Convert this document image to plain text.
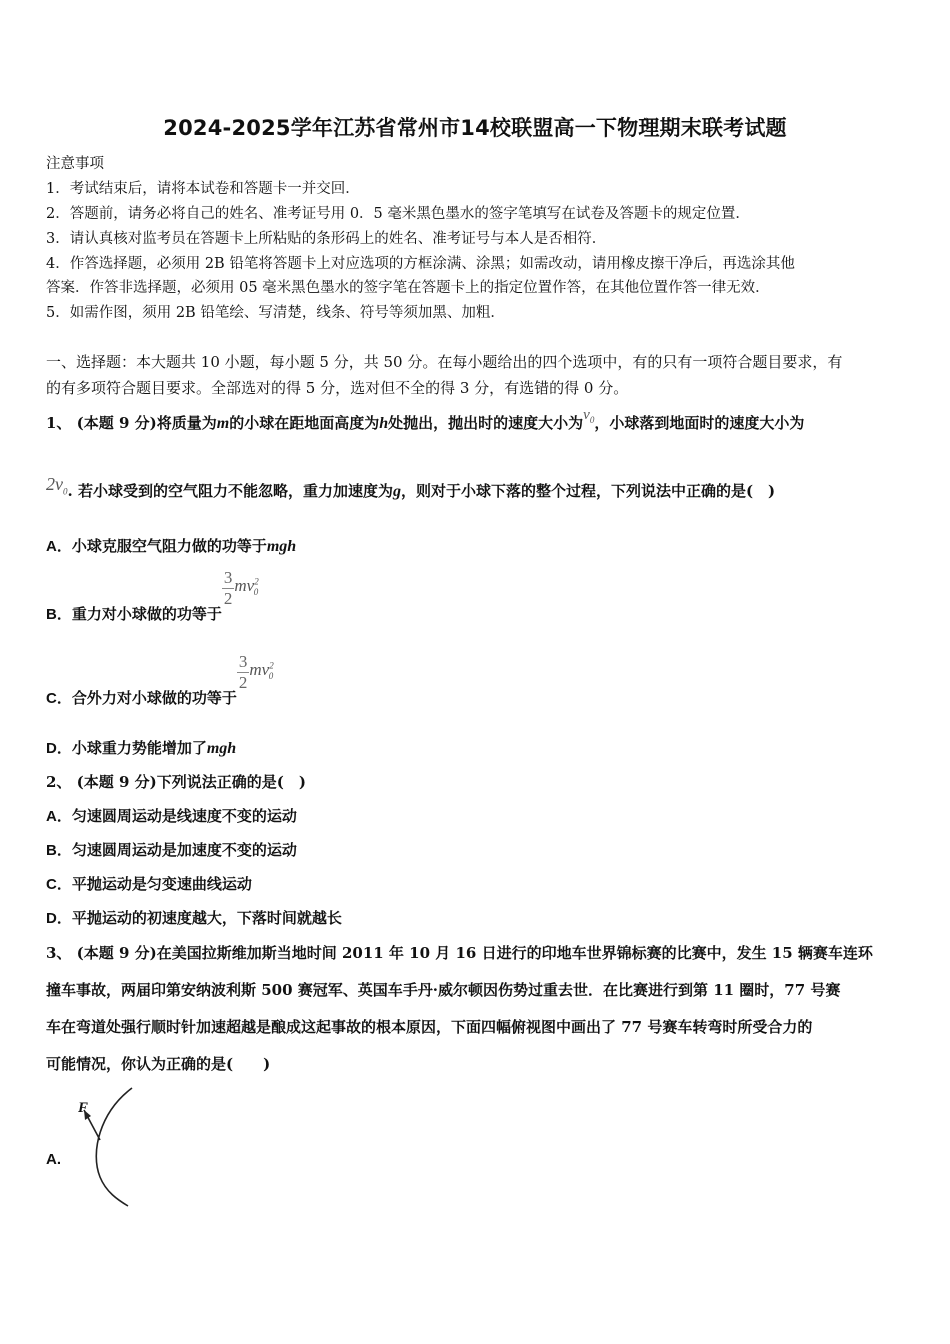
2024-2025学年江苏省常州市14校联盟高一下物理期末联考试题
注意事项
1．考试结束后，请将本试卷和答题卡一并交回．
2．答题前，请务必将自己的姓名、准考证号用 0．5 毫米黑色墨水的签字笔填写在试卷及答题卡的规定位置．
3．请认真核对监考员在答题卡上所粘贴的条形码上的姓名、准考证号与本人是否相符．
4．作答选择题，必须用 2B 铅笔将答题卡上对应选项的方框涂满、涂黑；如需改动，请用橡皮擦干净后，再选涂其他
答案．作答非选择题，必须用 05 毫米黑色墨水的签字笔在答题卡上的指定位置作答，在其他位置作答一律无效．
5．如需作图，须用 2B 铅笔绘、写清楚，线条、符号等须加黑、加粗．
一、选择题：本大题共 10 小题，每小题 5 分，共 50 分。在每小题给出的四个选项中，有的只有一项符合题目要求，有
的有多项符合题目要求。全部选对的得 5 分，选对但不全的得 3 分，有选错的得 0 分。
1、 (本题 9 分)将质量为m的小球在距地面高度为h处抛出，抛出时的速度大小为$v_0$，小球落到地面时的速度大小为
$2v_0$. 若小球受到的空气阻力不能忽略，重力加速度为g，则对于小球下落的整个过程，下列说法中正确的是(　)
A．小球克服空气阻力做的功等于mgh
B．重力对小球做的功等于
$\frac{3}{2} mv^2_0$
C．合外力对小球做的功等于
$\frac{3}{2} mv^2_0$
D．小球重力势能增加了mgh
2、 (本题 9 分)下列说法正确的是(　)
A．匀速圆周运动是线速度不变的运动
B．匀速圆周运动是加速度不变的运动
C．平抛运动是匀变速曲线运动
D．平抛运动的初速度越大，下落时间就越长
3、 (本题 9 分)在美国拉斯维加斯当地时间 2011 年 10 月 16 日进行的印地车世界锦标赛的比赛中，发生 15 辆赛车连环
撞车事故，两届印第安纳波利斯 500 赛冠军、英国车手丹·威尔顿因伤势过重去世．在比赛进行到第 11 圈时，77 号赛
车在弯道处强行顺时针加速超越是酿成这起事故的根本原因，下面四幅俯视图中画出了 77 号赛车转弯时所受合力的
可能情况，你认为正确的是(　　)
A.
F
